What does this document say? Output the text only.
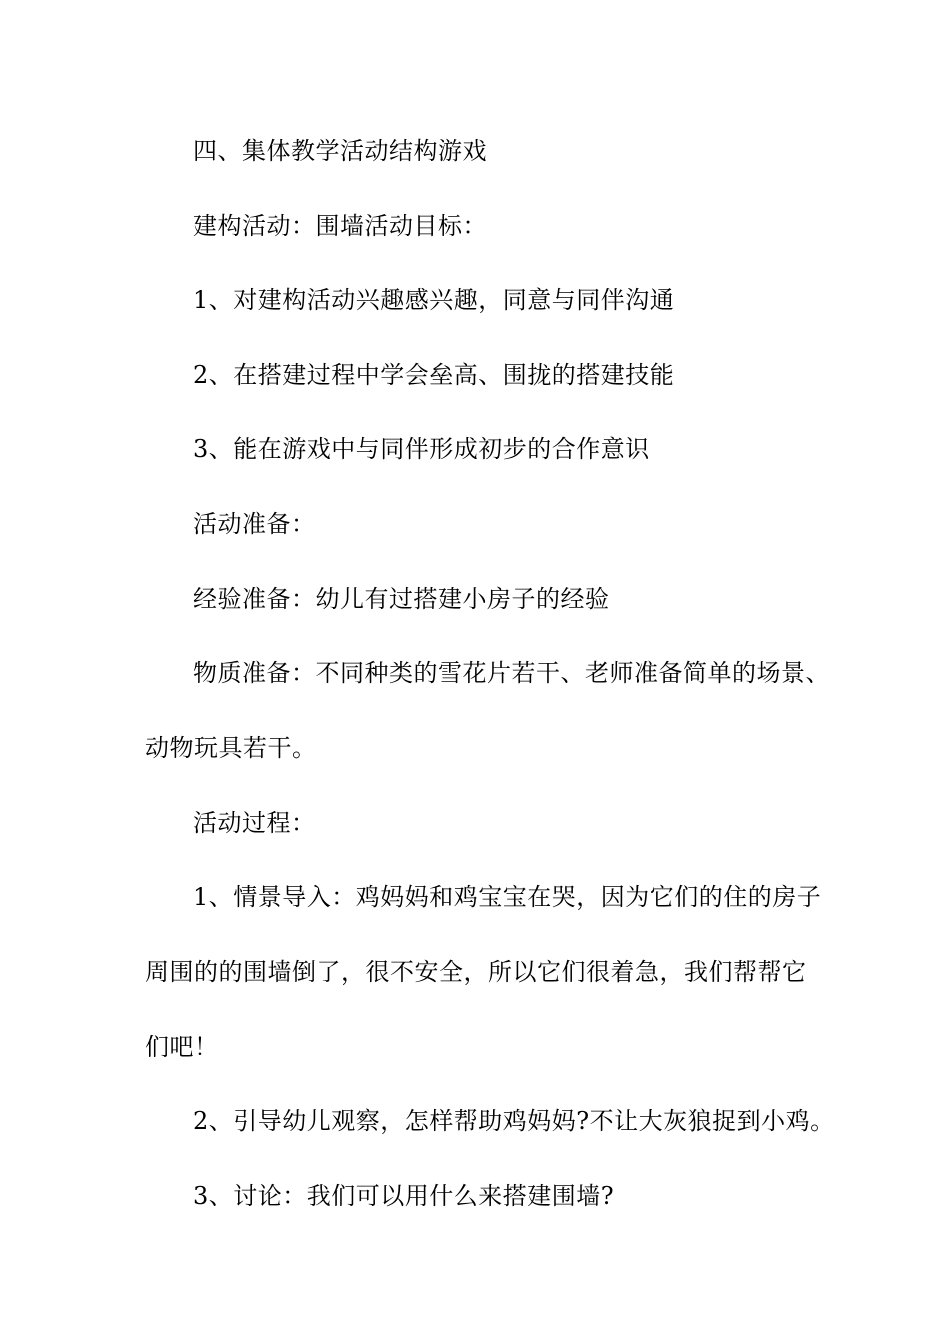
四、集体教学活动结构游戏
建构活动：围墙活动目标：
1、对建构活动兴趣感兴趣，同意与同伴沟通
2、在搭建过程中学会垒高、围拢的搭建技能
3、能在游戏中与同伴形成初步的合作意识
活动准备：
经验准备：幼儿有过搭建小房子的经验
物质准备：不同种类的雪花片若干、老师准备简单的场景、
动物玩具若干。
活动过程：
1、情景导入：鸡妈妈和鸡宝宝在哭，因为它们的住的房子
周围的的围墙倒了，很不安全，所以它们很着急，我们帮帮它
们吧！
2、引导幼儿观察，怎样帮助鸡妈妈?不让大灰狼捉到小鸡。
3、讨论：我们可以用什么来搭建围墙?
